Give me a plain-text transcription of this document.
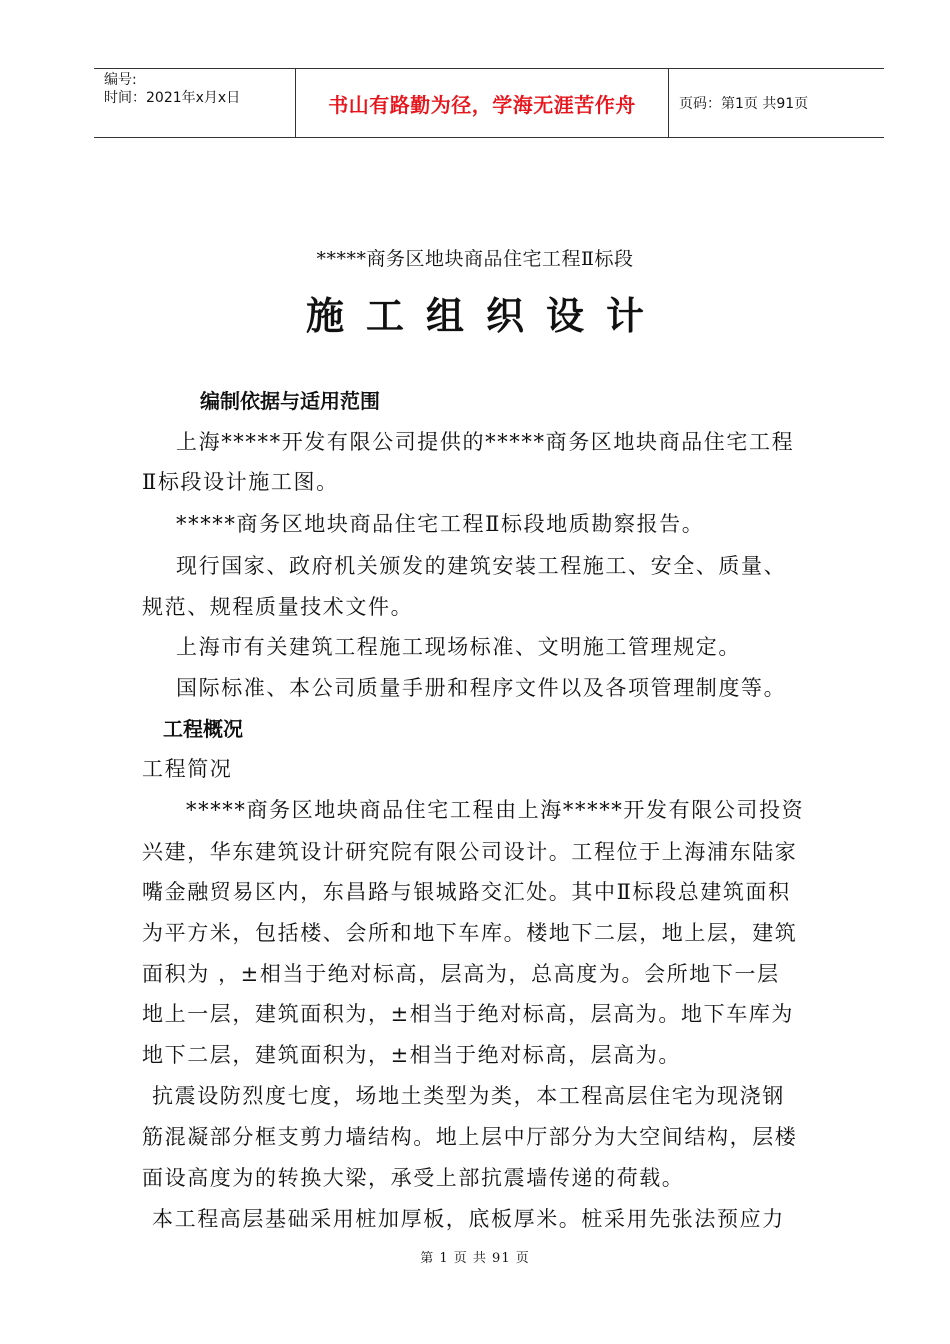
编号:
时间：2021年x月x日	书山有路勤为径，学海无涯苦作舟	页码：第1页 共91页
*****商务区地块商品住宅工程Ⅱ标段
施工组织设计
编制依据与适用范围
上海*****开发有限公司提供的*****商务区地块商品住宅工程
Ⅱ标段设计施工图。
*****商务区地块商品住宅工程Ⅱ标段地质勘察报告。
现行国家、政府机关颁发的建筑安装工程施工、安全、质量、
规范、规程质量技术文件。
上海市有关建筑工程施工现场标准、文明施工管理规定。
国际标准、本公司质量手册和程序文件以及各项管理制度等。
工程概况
工程简况
*****商务区地块商品住宅工程由上海*****开发有限公司投资
兴建，华东建筑设计研究院有限公司设计。工程位于上海浦东陆家
嘴金融贸易区内，东昌路与银城路交汇处。其中Ⅱ标段总建筑面积
为平方米，包括楼、会所和地下车库。楼地下二层，地上层，建筑
面积为 ，±相当于绝对标高，层高为，总高度为。会所地下一层
地上一层，建筑面积为，±相当于绝对标高，层高为。地下车库为
地下二层，建筑面积为，±相当于绝对标高，层高为。
抗震设防烈度七度，场地土类型为类，本工程高层住宅为现浇钢
筋混凝部分框支剪力墙结构。地上层中厅部分为大空间结构，层楼
面设高度为的转换大梁，承受上部抗震墙传递的荷载。
本工程高层基础采用桩加厚板，底板厚米。桩采用先张法预应力
第 1 页 共 91 页
